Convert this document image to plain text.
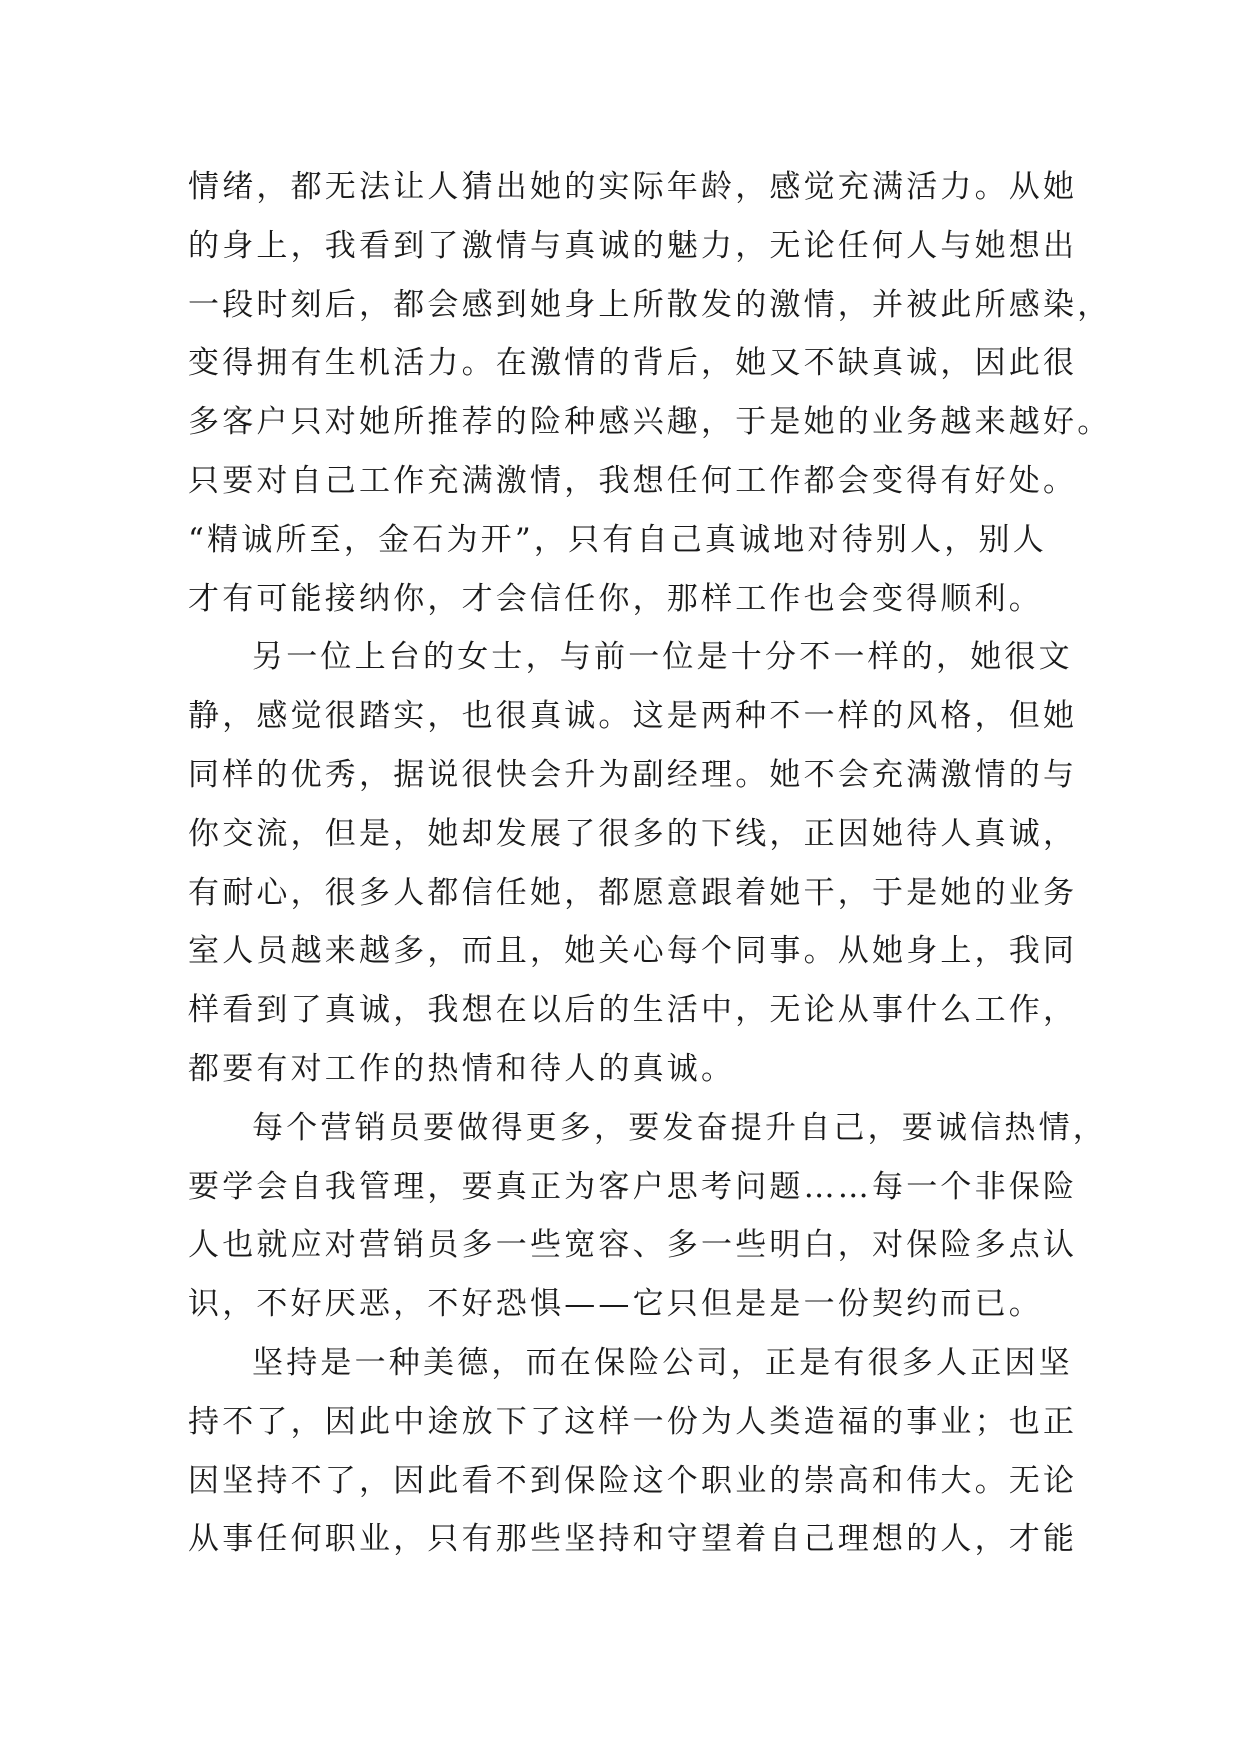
情绪，都无法让人猜出她的实际年龄，感觉充满活力。从她
的身上，我看到了激情与真诚的魅力，无论任何人与她想出
一段时刻后，都会感到她身上所散发的激情，并被此所感染，
变得拥有生机活力。在激情的背后，她又不缺真诚，因此很
多客户只对她所推荐的险种感兴趣，于是她的业务越来越好。
只要对自己工作充满激情，我想任何工作都会变得有好处。
“精诚所至，金石为开”，只有自己真诚地对待别人，别人
才有可能接纳你，才会信任你，那样工作也会变得顺利。
另一位上台的女士，与前一位是十分不一样的，她很文
静，感觉很踏实，也很真诚。这是两种不一样的风格，但她
同样的优秀，据说很快会升为副经理。她不会充满激情的与
你交流，但是，她却发展了很多的下线，正因她待人真诚，
有耐心，很多人都信任她，都愿意跟着她干，于是她的业务
室人员越来越多，而且，她关心每个同事。从她身上，我同
样看到了真诚，我想在以后的生活中，无论从事什么工作，
都要有对工作的热情和待人的真诚。
每个营销员要做得更多，要发奋提升自己，要诚信热情，
要学会自我管理，要真正为客户思考问题……每一个非保险
人也就应对营销员多一些宽容、多一些明白，对保险多点认
识，不好厌恶，不好恐惧——它只但是是一份契约而已。
坚持是一种美德，而在保险公司，正是有很多人正因坚
持不了，因此中途放下了这样一份为人类造福的事业；也正
因坚持不了，因此看不到保险这个职业的崇高和伟大。无论
从事任何职业，只有那些坚持和守望着自己理想的人，才能
